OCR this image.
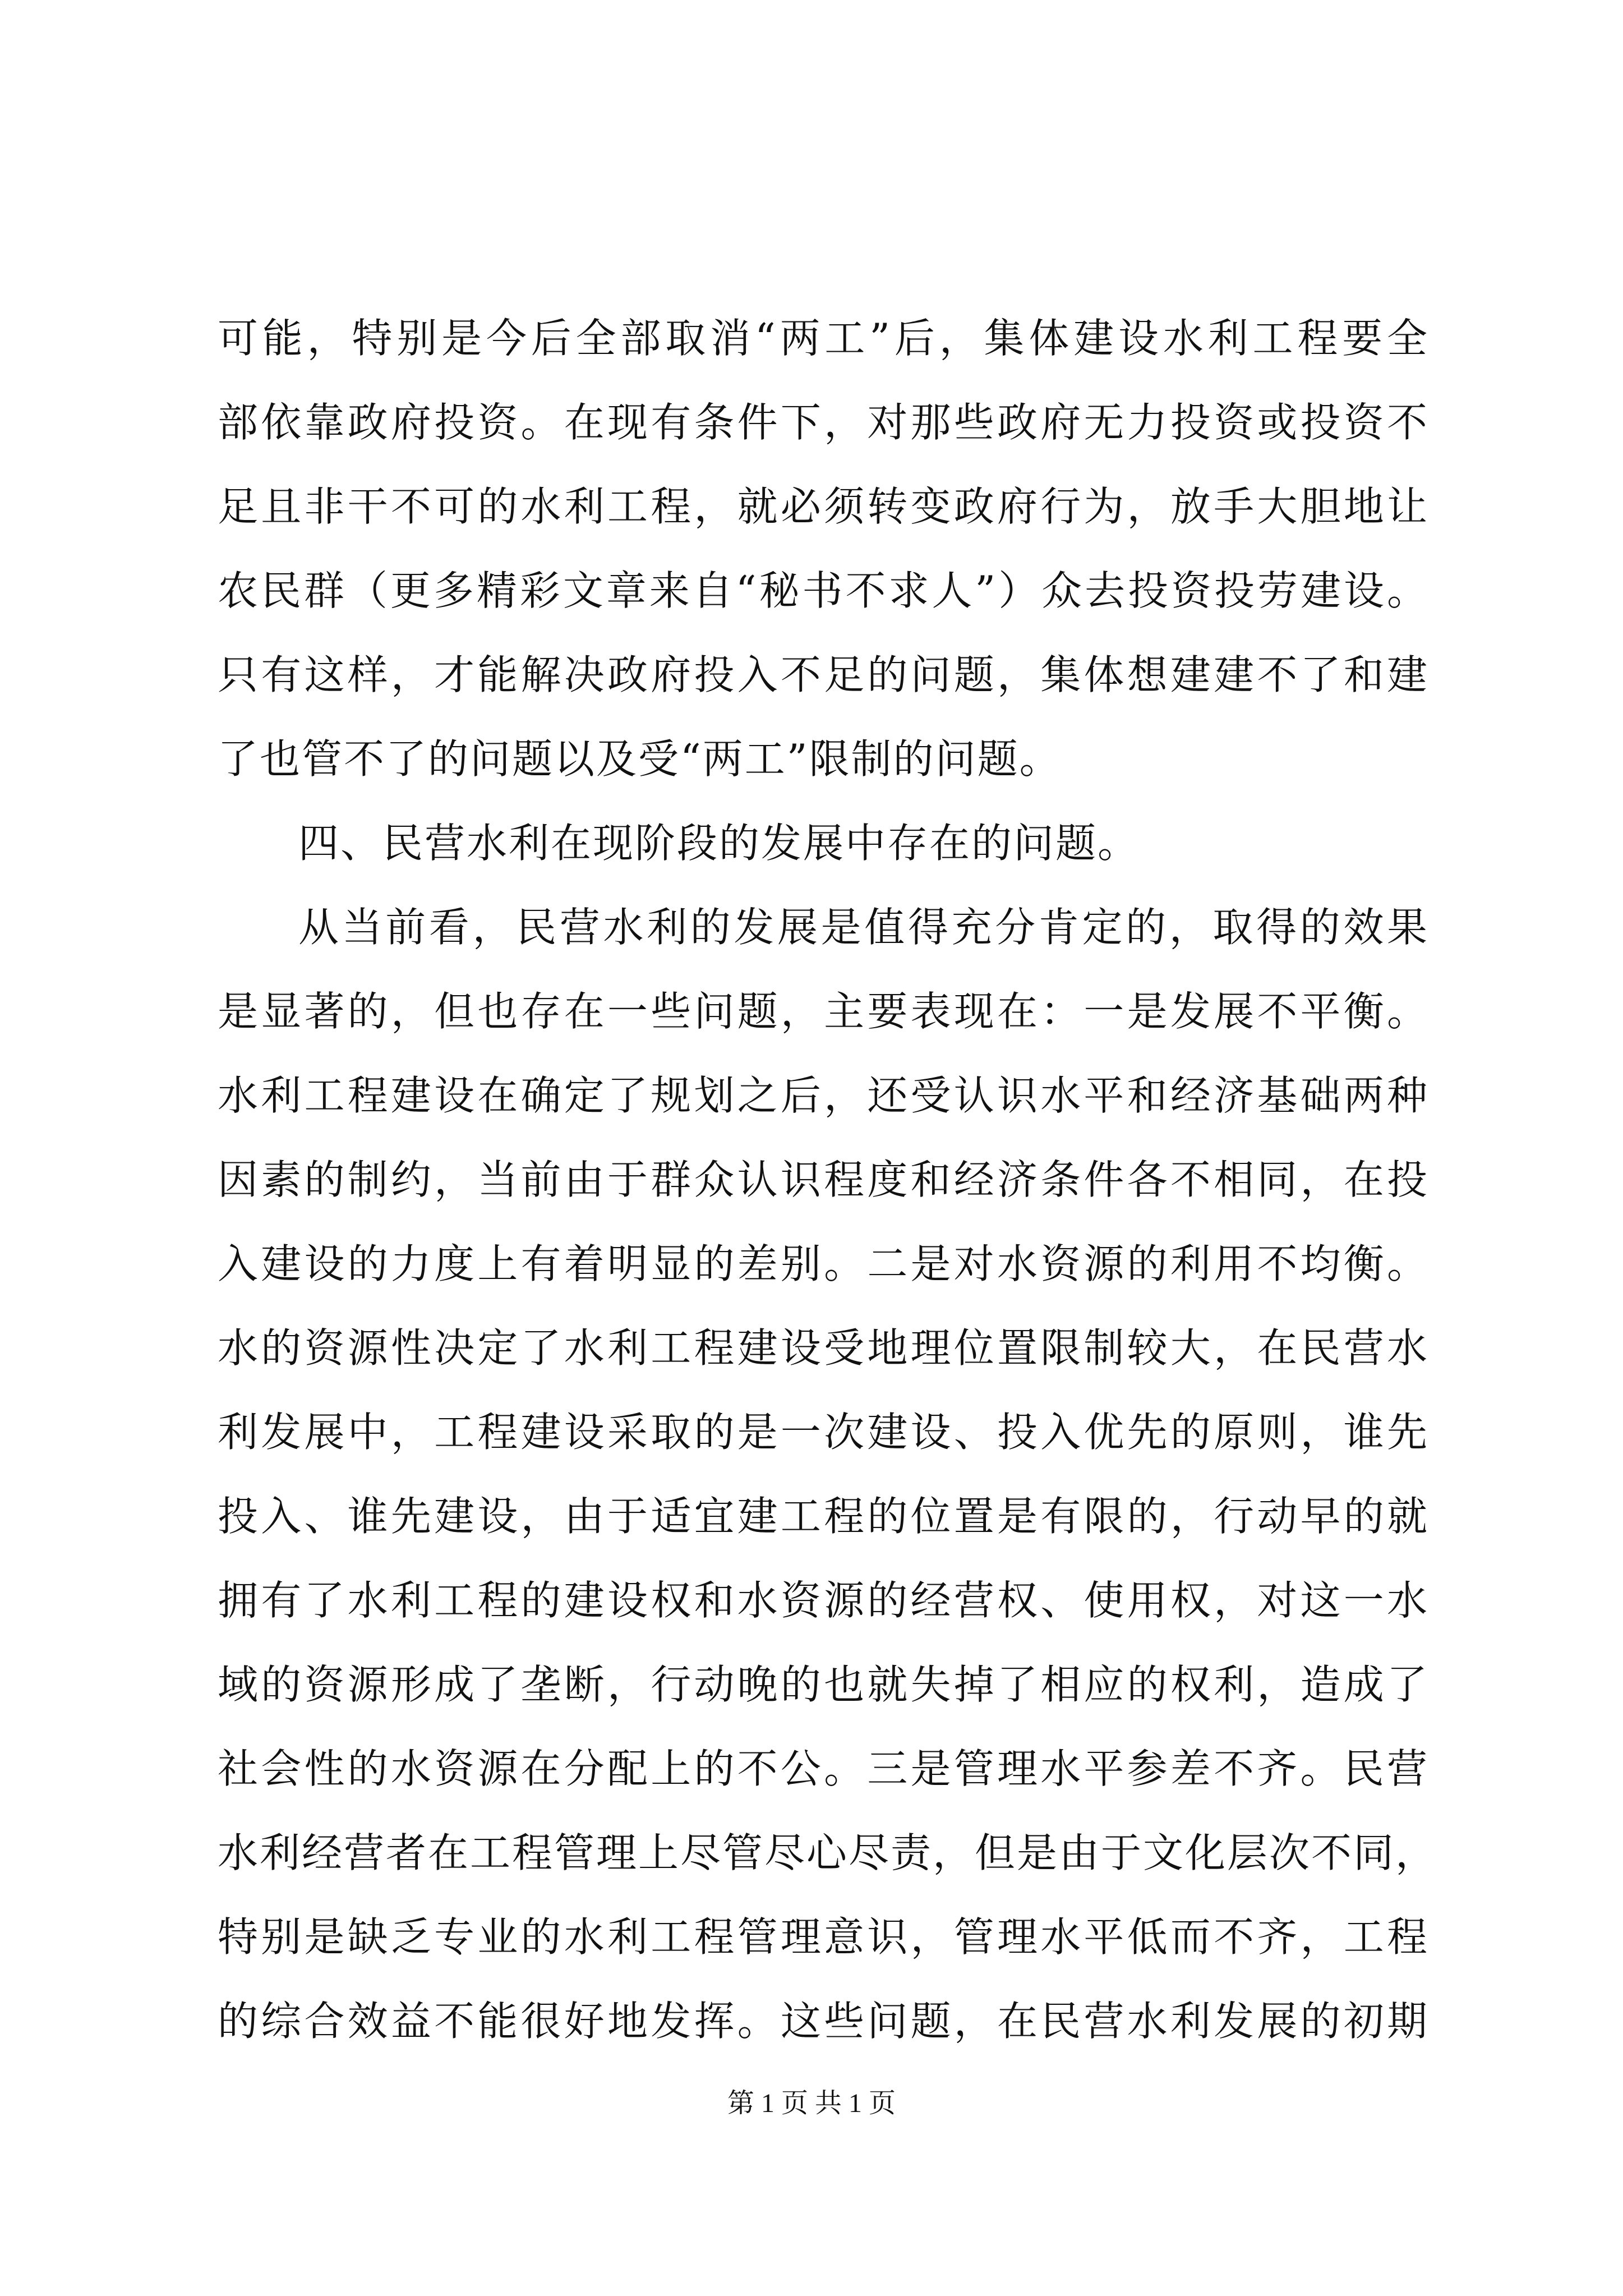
可能，特别是今后全部取消“两工”后，集体建设水利工程要全
部依靠政府投资。在现有条件下，对那些政府无力投资或投资不
足且非干不可的水利工程，就必须转变政府行为，放手大胆地让
农民群（更多精彩文章来自“秘书不求人”）众去投资投劳建设。
只有这样，才能解决政府投入不足的问题，集体想建建不了和建
了也管不了的问题以及受“两工”限制的问题。
四、民营水利在现阶段的发展中存在的问题。
从当前看，民营水利的发展是值得充分肯定的，取得的效果
是显著的，但也存在一些问题，主要表现在：一是发展不平衡。
水利工程建设在确定了规划之后，还受认识水平和经济基础两种
因素的制约，当前由于群众认识程度和经济条件各不相同，在投
入建设的力度上有着明显的差别。二是对水资源的利用不均衡。
水的资源性决定了水利工程建设受地理位置限制较大，在民营水
利发展中，工程建设采取的是一次建设、投入优先的原则，谁先
投入、谁先建设，由于适宜建工程的位置是有限的，行动早的就
拥有了水利工程的建设权和水资源的经营权、使用权，对这一水
域的资源形成了垄断，行动晚的也就失掉了相应的权利，造成了
社会性的水资源在分配上的不公。三是管理水平参差不齐。民营
水利经营者在工程管理上尽管尽心尽责，但是由于文化层次不同，
特别是缺乏专业的水利工程管理意识，管理水平低而不齐，工程
的综合效益不能很好地发挥。这些问题，在民营水利发展的初期
第 1 页 共 1 页
